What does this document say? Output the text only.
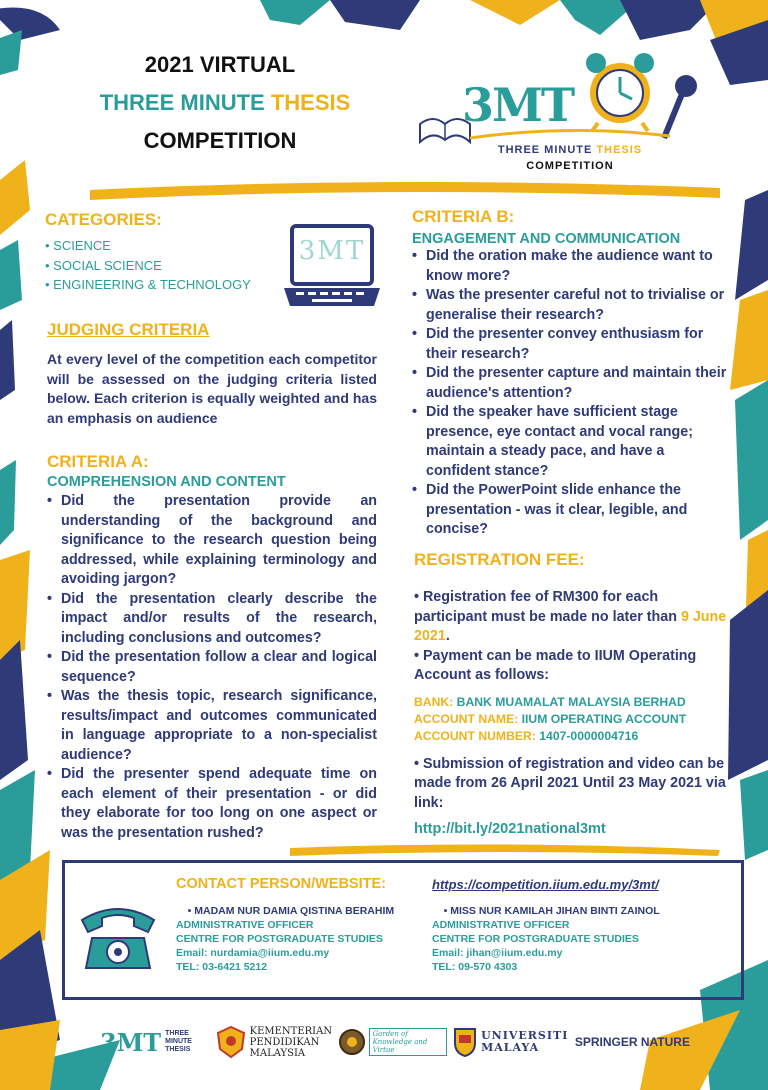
2021 VIRTUAL
THREE MINUTE THESIS
COMPETITION
3MT
THREE MINUTE THESIS
COMPETITION
CATEGORIES:
• SCIENCE
• SOCIAL SCIENCE
• ENGINEERING & TECHNOLOGY
3MT
JUDGING CRITERIA
At every level of the competition each competitor will be assessed on the judging criteria listed below. Each criterion is equally weighted and has an emphasis on audience
CRITERIA A:
COMPREHENSION AND CONTENT
• Did the presentation provide an understanding of the background and significance to the research question being addressed, while explaining terminology and avoiding jargon?
• Did the presentation clearly describe the impact and/or results of the research, including conclusions and outcomes?
• Did the presentation follow a clear and logical sequence?
• Was the thesis topic, research significance, results/impact and outcomes communicated in language appropriate to a non-specialist audience?
• Did the presenter spend adequate time on each element of their presentation - or did they elaborate for too long on one aspect or was the presentation rushed?
CRITERIA B:
ENGAGEMENT AND COMMUNICATION
• Did the oration make the audience want to know more?
• Was the presenter careful not to trivialise or generalise their research?
• Did the presenter convey enthusiasm for their research?
• Did the presenter capture and maintain their audience's attention?
• Did the speaker have sufficient stage presence, eye contact and vocal range; maintain a steady pace, and have a confident stance?
• Did the PowerPoint slide enhance the presentation - was it clear, legible, and concise?
REGISTRATION FEE:
• Registration fee of RM300 for each participant must be made no later than 9 June 2021.
• Payment can be made to IIUM Operating Account as follows:
BANK: BANK MUAMALAT MALAYSIA BERHAD
ACCOUNT NAME: IIUM OPERATING ACCOUNT
ACCOUNT NUMBER: 1407-0000004716
• Submission of registration and video can be made from 26 April 2021 Until 23 May 2021 via link:
http://bit.ly/2021national3mt
CONTACT PERSON/WEBSITE:	https://competition.iium.edu.my/3mt/
• MADAM NUR DAMIA QISTINA BERAHIM
ADMINISTRATIVE OFFICER
CENTRE FOR POSTGRADUATE STUDIES
Email: nurdamia@iium.edu.my
TEL: 03-6421 5212
• MISS NUR KAMILAH JIHAN BINTI ZAINOL
ADMINISTRATIVE OFFICER
CENTRE FOR POSTGRADUATE STUDIES
Email: jihan@iium.edu.my
TEL: 09-570 4303
3MT THREE MINUTE THESIS
KEMENTERIAN
PENDIDIKAN
MALAYSIA
Garden of Knowledge and Virtue
UNIVERSITI
MALAYA	SPRINGER NATURE
